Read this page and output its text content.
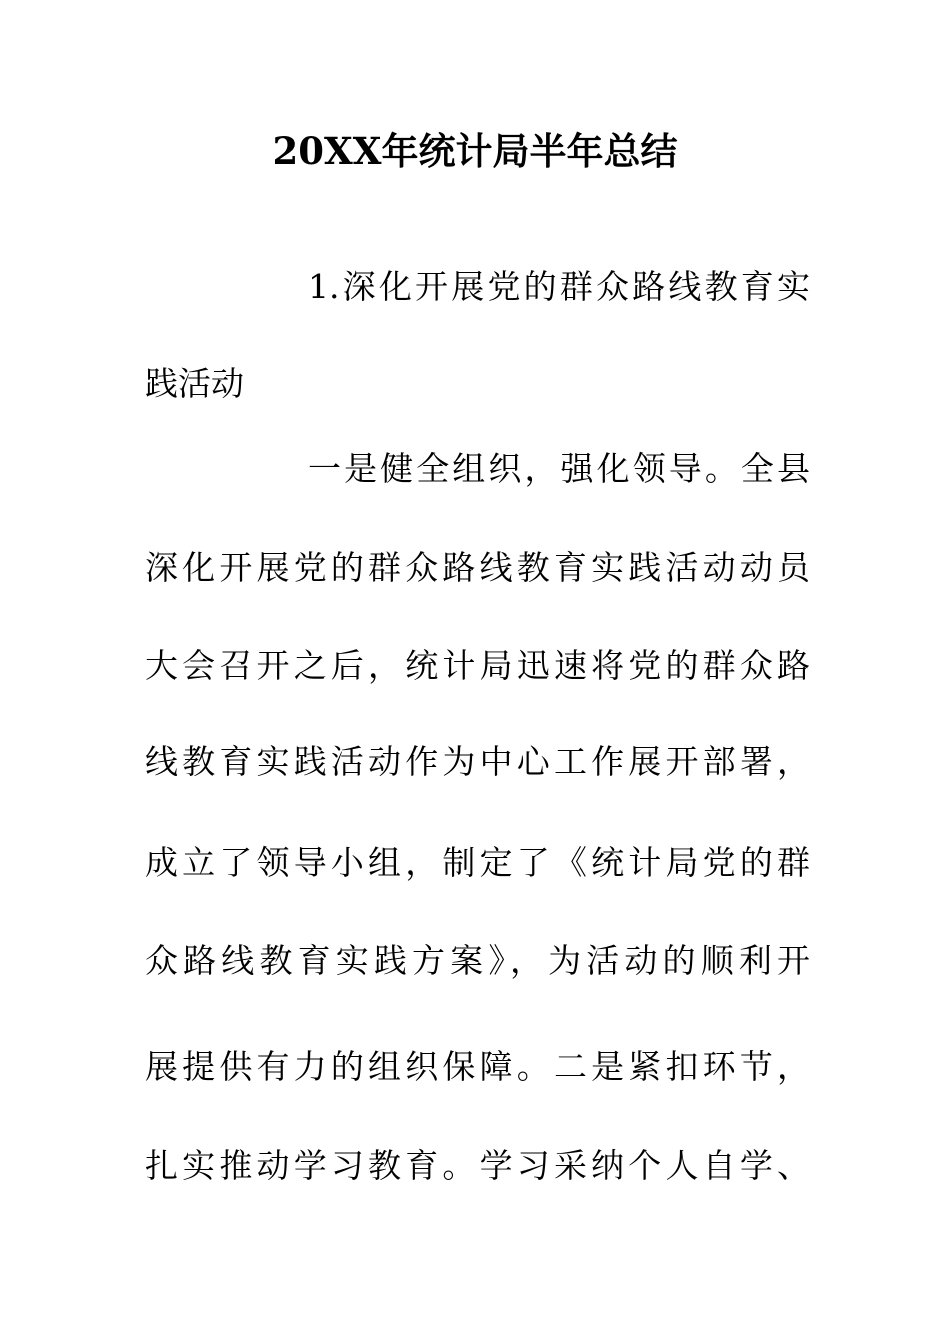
20XX年统计局半年总结

1.深化开展党的群众路线教育实

践活动

一是健全组织，强化领导。全县

深化开展党的群众路线教育实践活动动员

大会召开之后，统计局迅速将党的群众路

线教育实践活动作为中心工作展开部署，

成立了领导小组，制定了《统计局党的群

众路线教育实践方案》，为活动的顺利开

展提供有力的组织保障。二是紧扣环节，

扎实推动学习教育。学习采纳个人自学、
